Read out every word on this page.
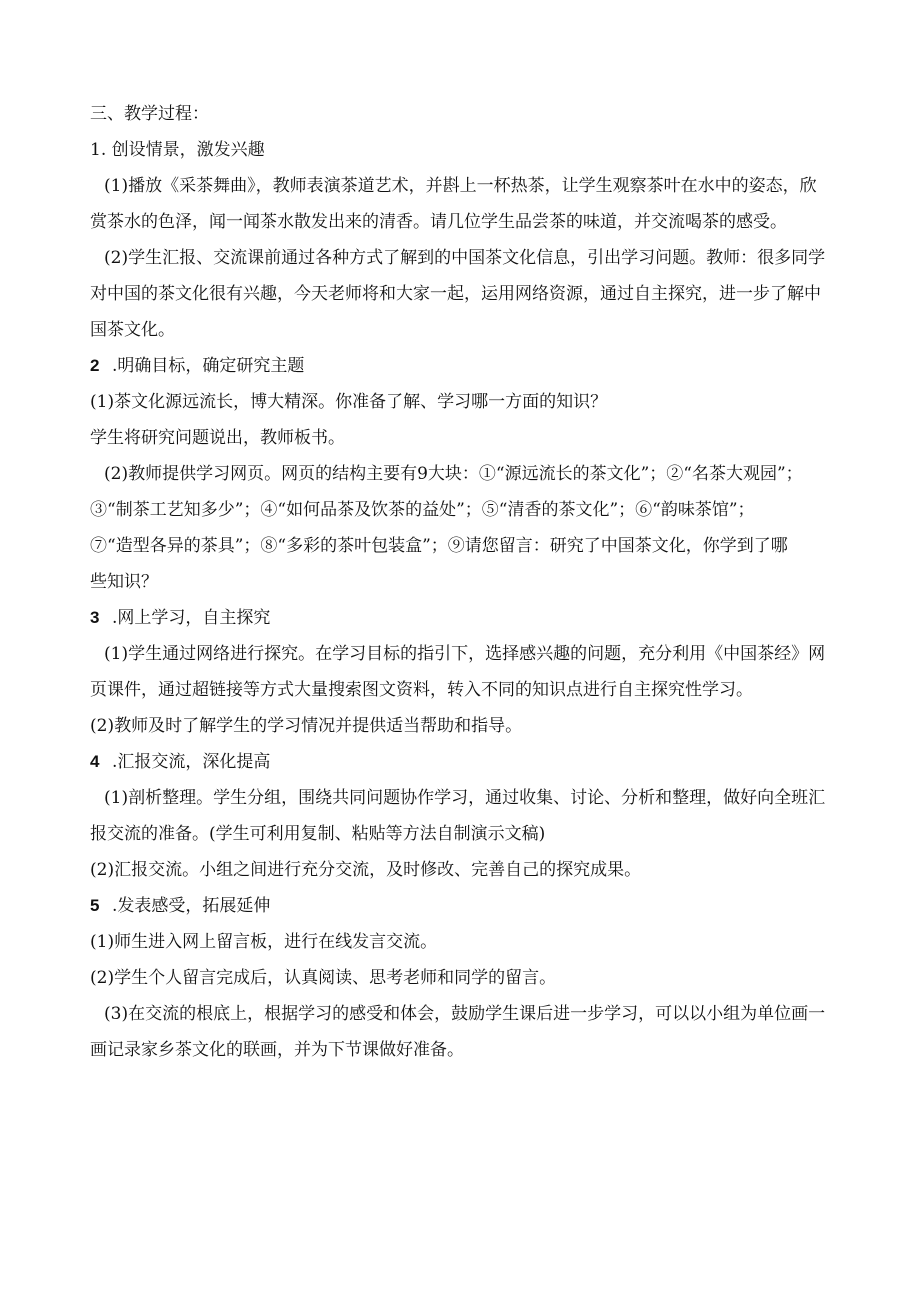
三、教学过程：
1. 创设情景，激发兴趣
(1)播放《采茶舞曲》，教师表演茶道艺术，并斟上一杯热茶，让学生观察茶叶在水中的姿态，欣
赏茶水的色泽，闻一闻茶水散发出来的清香。请几位学生品尝茶的味道，并交流喝茶的感受。
(2)学生汇报、交流课前通过各种方式了解到的中国茶文化信息，引出学习问题。教师：很多同学
对中国的茶文化很有兴趣，今天老师将和大家一起，运用网络资源，通过自主探究，进一步了解中
国茶文化。
2 .明确目标，确定研究主题
(1)茶文化源远流长，博大精深。你准备了解、学习哪一方面的知识？
学生将研究问题说出，教师板书。
(2)教师提供学习网页。网页的结构主要有9大块：①“源远流长的茶文化”；②“名茶大观园”；
③“制茶工艺知多少”；④“如何品茶及饮茶的益处”；⑤“清香的茶文化”；⑥“韵味茶馆”；
⑦“造型各异的茶具”；⑧“多彩的茶叶包装盒”；⑨请您留言：研究了中国茶文化，你学到了哪
些知识？
3 .网上学习，自主探究
(1)学生通过网络进行探究。在学习目标的指引下，选择感兴趣的问题，充分利用《中国茶经》网
页课件，通过超链接等方式大量搜索图文资料，转入不同的知识点进行自主探究性学习。
(2)教师及时了解学生的学习情况并提供适当帮助和指导。
4 .汇报交流，深化提高
(1)剖析整理。学生分组，围绕共同问题协作学习，通过收集、讨论、分析和整理，做好向全班汇
报交流的准备。(学生可利用复制、粘贴等方法自制演示文稿)
(2)汇报交流。小组之间进行充分交流，及时修改、完善自己的探究成果。
5 .发表感受，拓展延伸
(1)师生进入网上留言板，进行在线发言交流。
(2)学生个人留言完成后，认真阅读、思考老师和同学的留言。
(3)在交流的根底上，根据学习的感受和体会，鼓励学生课后进一步学习，可以以小组为单位画一
画记录家乡茶文化的联画，并为下节课做好准备。
